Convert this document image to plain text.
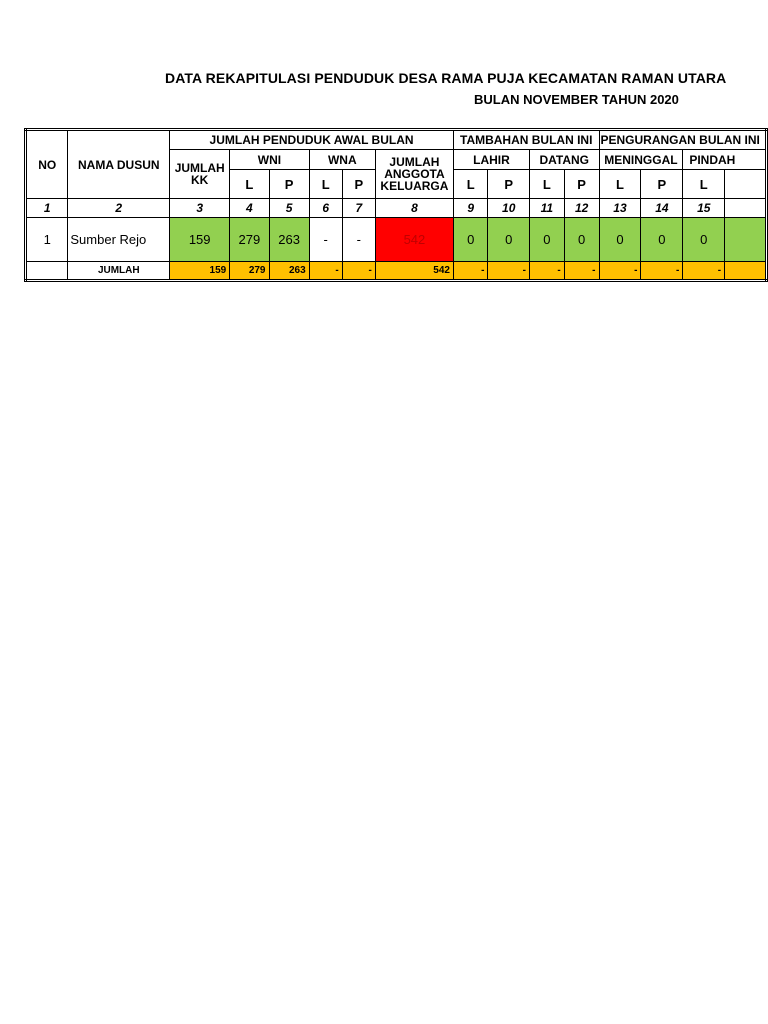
DATA REKAPITULASI PENDUDUK DESA RAMA PUJA KECAMATAN RAMAN UTARA
BULAN NOVEMBER TAHUN 2020
NO	NAMA DUSUN	JUMLAH PENDUDUK AWAL BULAN						TAMBAHAN BULAN INI				PENGURANGAN BULAN INI			
		JUMLAH KK	WNI		WNA		JUMLAH ANGGOTA KELUARGA	LAHIR		DATANG		MENINGGAL		PINDAH	
			L	P	L	P		L	P	L	P	L	P	L	
1	2	3	4	5	6	7	8	9	10	11	12	13	14	15	
1	Sumber Rejo	159	279	263	-	-	542	0	0	0	0	0	0	0	
	JUMLAH	159	279	263	-	-	542	-	-	-	-	-	-	-	
